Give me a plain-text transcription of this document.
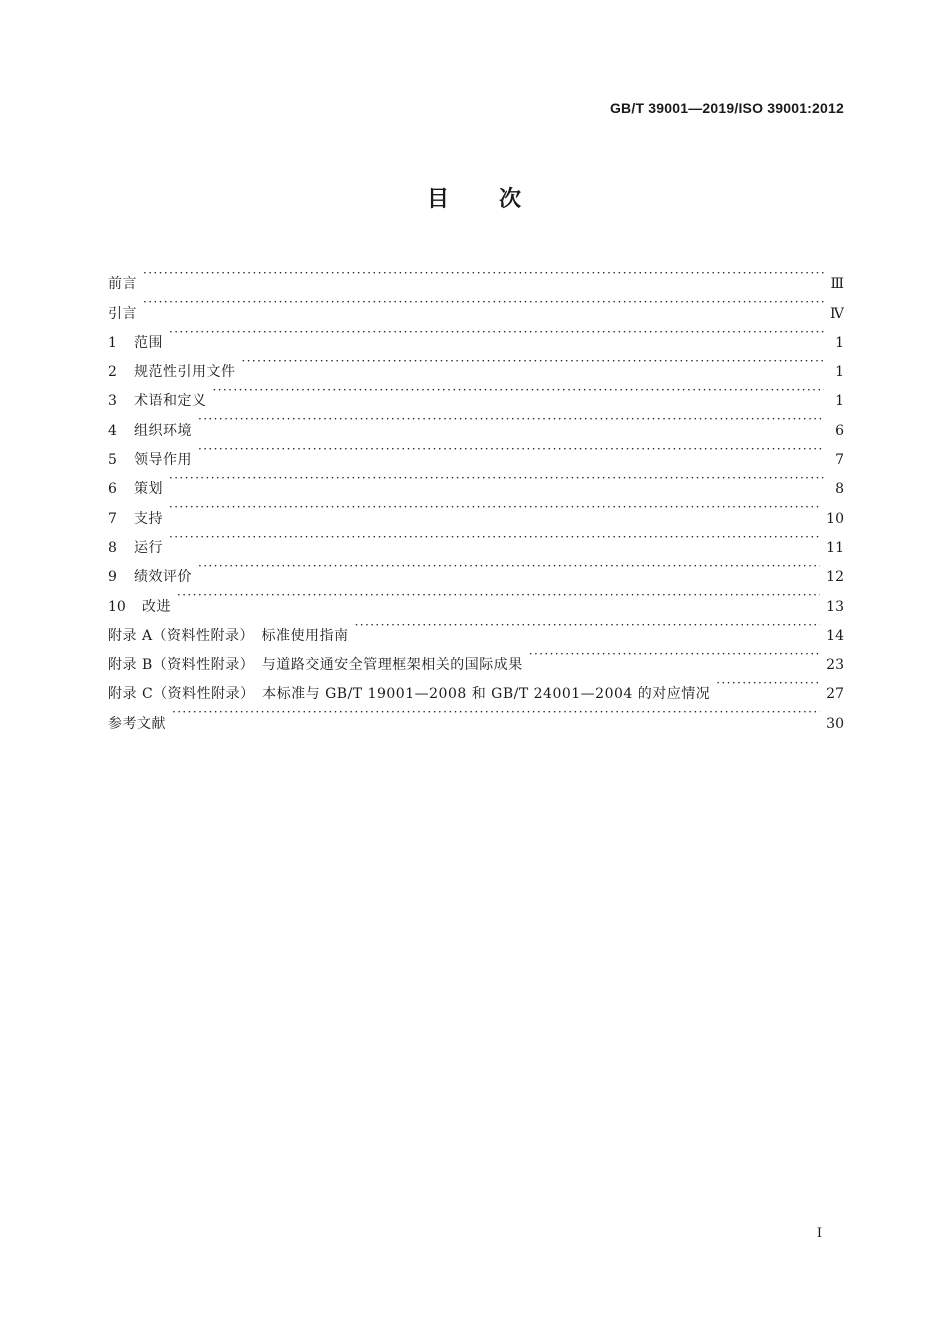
GB/T 39001—2019/ISO 39001:2012
目 次
前言 ·····	Ⅲ
引言 ·····	Ⅳ
1	范围 ·····	1
2	规范性引用文件 ·····	1
3	术语和定义 ·····	1
4	组织环境 ·····	6
5	领导作用 ·····	7
6	策划 ·····	8
7	支持 ·····	10
8	运行 ·····	11
9	绩效评价 ·····	12
10	改进 ·····	13
附录 A（资料性附录）　标准使用指南 ·····	14
附录 B（资料性附录）　与道路交通安全管理框架相关的国际成果 ·····	23
附录 C（资料性附录）　本标准与 GB/T 19001—2008 和 GB/T 24001—2004 的对应情况 ·····	27
参考文献 ·····	30
Ⅰ
